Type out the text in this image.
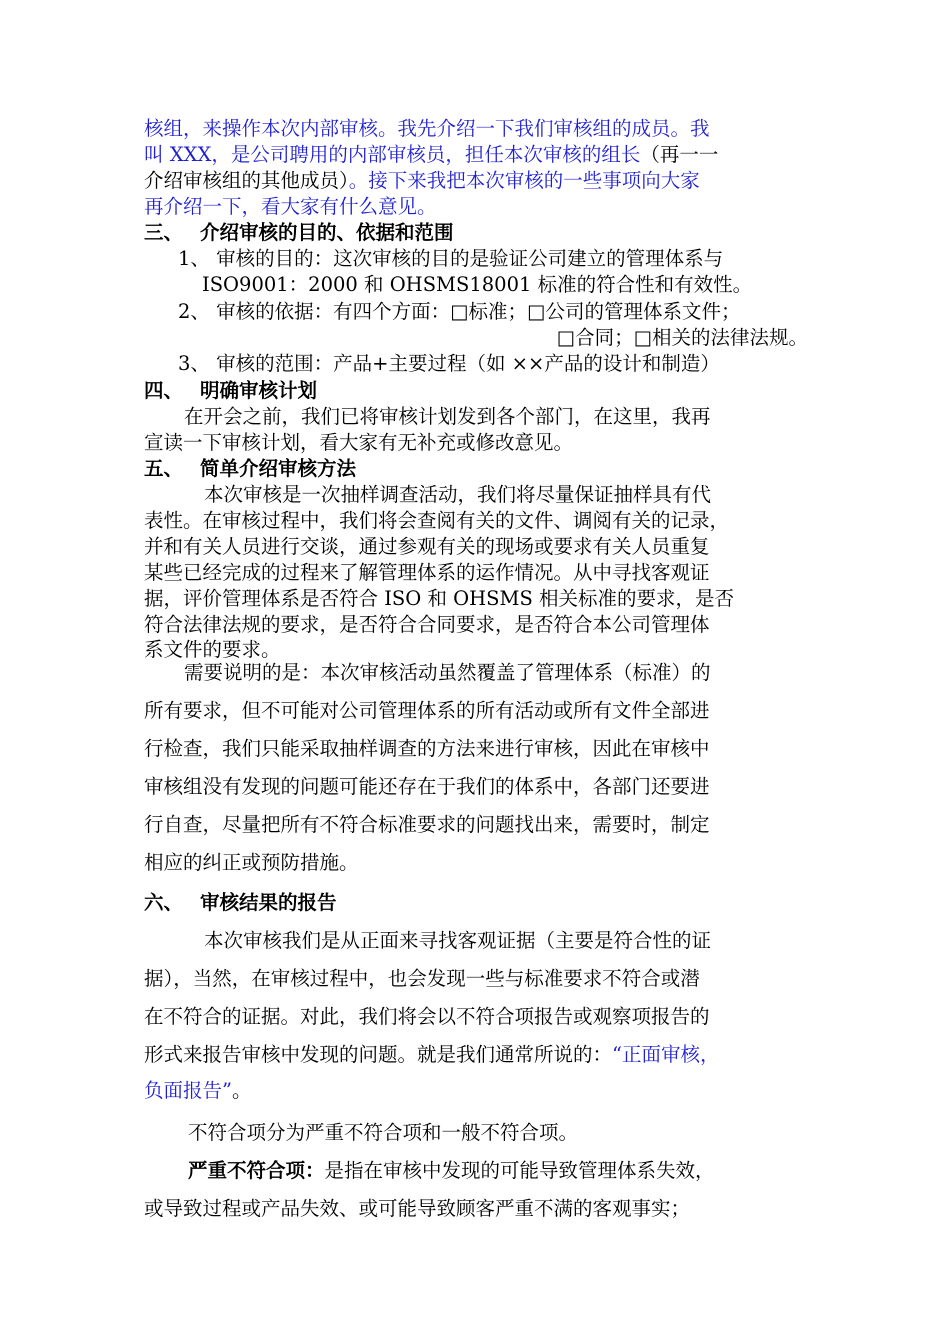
核组，来操作本次内部审核。我先介绍一下我们审核组的成员。我
叫 XXX，是公司聘用的内部审核员，担任本次审核的组长（再一一
介绍审核组的其他成员）。接下来我把本次审核的一些事项向大家
再介绍一下，看大家有什么意见。
三、 介绍审核的目的、依据和范围
1、 审核的目的：这次审核的目的是验证公司建立的管理体系与
ISO9001：2000 和 OHSMS18001 标准的符合性和有效性。
2、 审核的依据：有四个方面：□标准；□公司的管理体系文件；
□合同；□相关的法律法规。
3、 审核的范围：产品+主要过程（如 ××产品的设计和制造）
四、 明确审核计划
在开会之前，我们已将审核计划发到各个部门，在这里，我再
宣读一下审核计划，看大家有无补充或修改意见。
五、 简单介绍审核方法
本次审核是一次抽样调查活动，我们将尽量保证抽样具有代
表性。在审核过程中，我们将会查阅有关的文件、调阅有关的记录，
并和有关人员进行交谈，通过参观有关的现场或要求有关人员重复
某些已经完成的过程来了解管理体系的运作情况。从中寻找客观证
据，评价管理体系是否符合 ISO 和 OHSMS 相关标准的要求，是否
符合法律法规的要求，是否符合合同要求，是否符合本公司管理体
系文件的要求。
需要说明的是：本次审核活动虽然覆盖了管理体系（标准）的
所有要求，但不可能对公司管理体系的所有活动或所有文件全部进
行检查，我们只能采取抽样调查的方法来进行审核，因此在审核中
审核组没有发现的问题可能还存在于我们的体系中，各部门还要进
行自查，尽量把所有不符合标准要求的问题找出来，需要时，制定
相应的纠正或预防措施。
六、 审核结果的报告
本次审核我们是从正面来寻找客观证据（主要是符合性的证
据），当然，在审核过程中，也会发现一些与标准要求不符合或潜
在不符合的证据。对此，我们将会以不符合项报告或观察项报告的
形式来报告审核中发现的问题。就是我们通常所说的：“正面审核，
负面报告”。
不符合项分为严重不符合项和一般不符合项。
严重不符合项：是指在审核中发现的可能导致管理体系失效，
或导致过程或产品失效、或可能导致顾客严重不满的客观事实；
